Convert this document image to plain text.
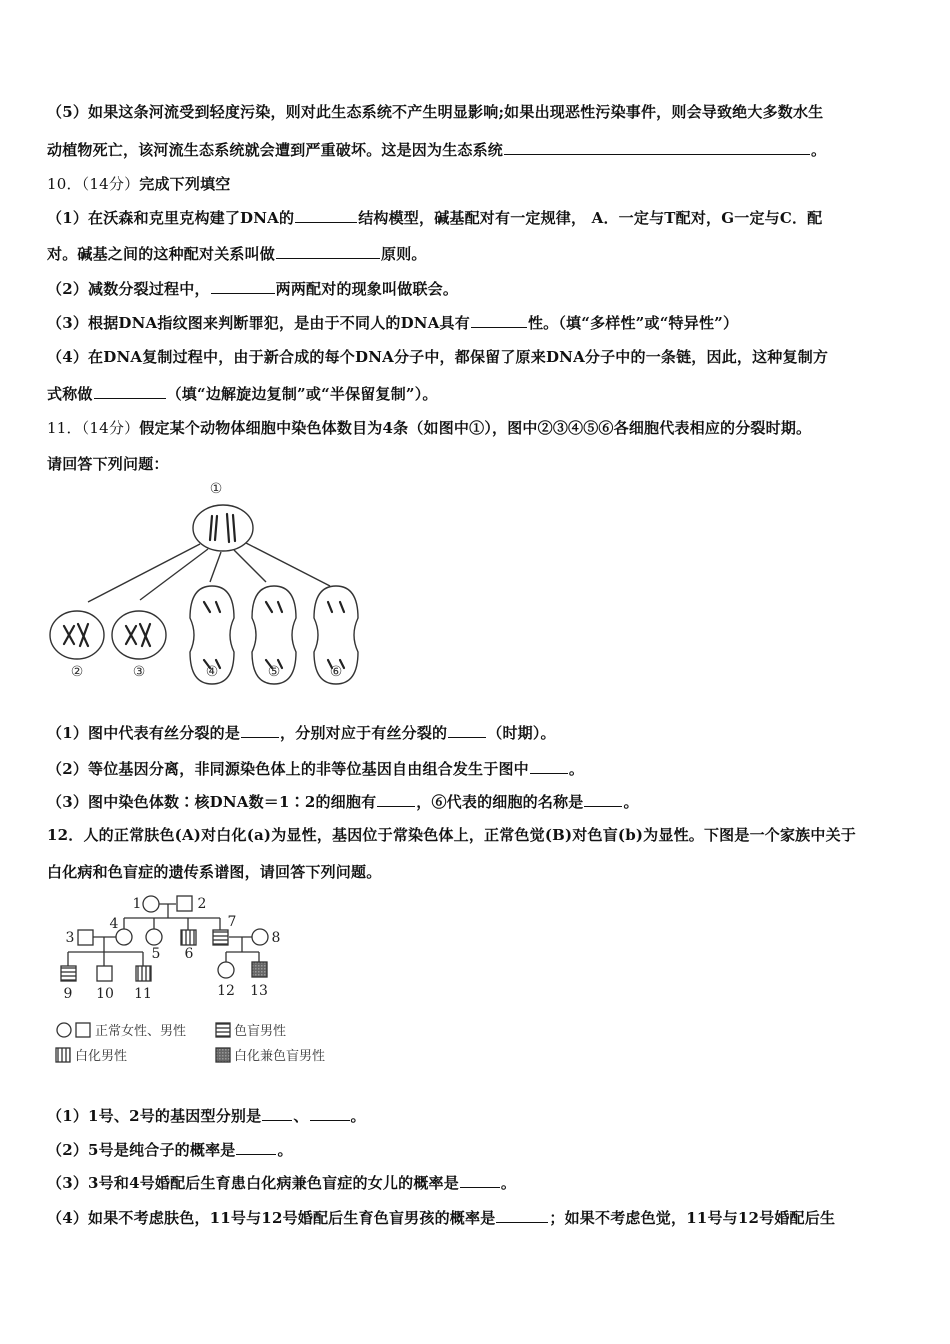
（5）如果这条河流受到轻度污染，则对此生态系统不产生明显影响;如果出现恶性污染事件，则会导致绝大多数水生
动植物死亡，该河流生态系统就会遭到严重破坏。这是因为生态系统	。
10．（14分）完成下列填空
（1）在沃森和克里克构建了DNA的	结构模型，碱基配对有一定规律， A．一定与T配对，G一定与C．配
对。碱基之间的这种配对关系叫做	原则。
（2）减数分裂过程中，	两两配对的现象叫做联会。
（3）根据DNA指纹图来判断罪犯，是由于不同人的DNA具有	性。（填“多样性”或“特异性”）
（4）在DNA复制过程中，由于新合成的每个DNA分子中，都保留了原来DNA分子中的一条链，因此，这种复制方
式称做	（填“边解旋边复制”或“半保留复制”）。
11．（14分）假定某个动物体细胞中染色体数目为4条（如图中①），图中②③④⑤⑥各细胞代表相应的分裂时期。
请回答下列问题：
①
②	③	④	⑤	⑥
（1）图中代表有丝分裂的是	，分别对应于有丝分裂的	（时期）。
（2）等位基因分离，非同源染色体上的非等位基因自由组合发生于图中	。
（3）图中染色体数∶核DNA数＝1∶2的细胞有	，⑥代表的细胞的名称是	。
12．人的正常肤色(A)对白化(a)为显性，基因位于常染色体上，正常色觉(B)对色盲(b)为显性。下图是一个家族中关于
白化病和色盲症的遗传系谱图，请回答下列问题。
1	2
3
4
5 6
7
8
9 10 11	12 13
正常女性、男性	色盲男性
白化男性	白化兼色盲男性
（1）1号、2号的基因型分别是 、	。
（2）5号是纯合子的概率是	。
（3）3号和4号婚配后生育患白化病兼色盲症的女儿的概率是	。
（4）如果不考虑肤色，11号与12号婚配后生育色盲男孩的概率是	；如果不考虑色觉，11号与12号婚配后生
